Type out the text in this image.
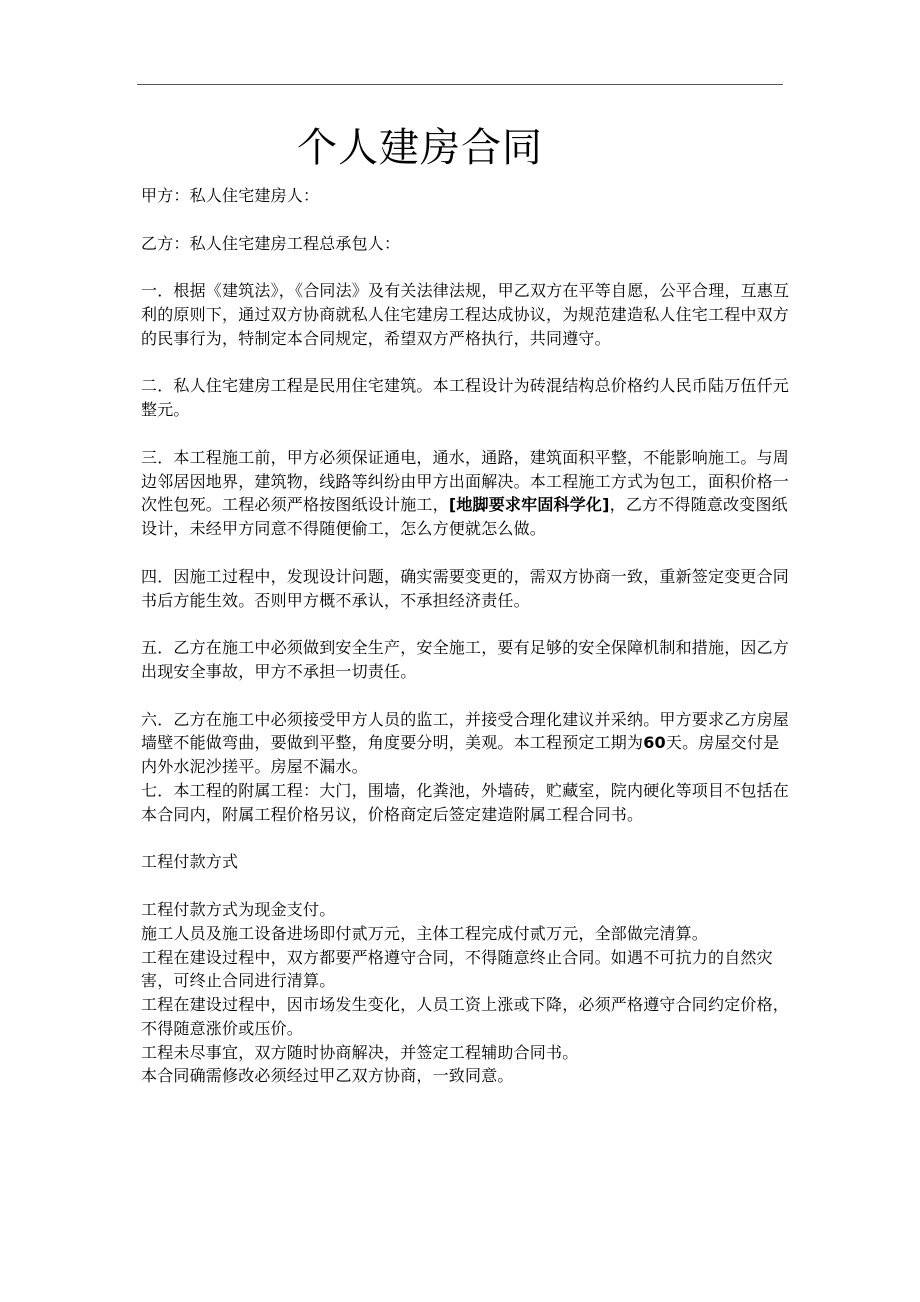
个人建房合同

甲方：私人住宅建房人：

乙方：私人住宅建房工程总承包人：

一．根据《建筑法》，《合同法》及有关法律法规，甲乙双方在平等自愿，公平合理，互惠互利的原则下，通过双方协商就私人住宅建房工程达成协议，为规范建造私人住宅工程中双方的民事行为，特制定本合同规定，希望双方严格执行，共同遵守。

二．私人住宅建房工程是民用住宅建筑。本工程设计为砖混结构总价格约人民币陆万伍仟元整元。

三．本工程施工前，甲方必须保证通电，通水，通路，建筑面积平整，不能影响施工。与周边邻居因地界，建筑物，线路等纠纷由甲方出面解决。本工程施工方式为包工，面积价格一次性包死。工程必须严格按图纸设计施工，[地脚要求牢固科学化]，乙方不得随意改变图纸设计，未经甲方同意不得随便偷工，怎么方便就怎么做。

四．因施工过程中，发现设计问题，确实需要变更的，需双方协商一致，重新签定变更合同书后方能生效。否则甲方概不承认，不承担经济责任。

五．乙方在施工中必须做到安全生产，安全施工，要有足够的安全保障机制和措施，因乙方出现安全事故，甲方不承担一切责任。

六．乙方在施工中必须接受甲方人员的监工，并接受合理化建议并采纳。甲方要求乙方房屋墙壁不能做弯曲，要做到平整，角度要分明，美观。本工程预定工期为60天。房屋交付是内外水泥沙搓平。房屋不漏水。

七．本工程的附属工程：大门，围墙，化粪池，外墙砖，贮藏室，院内硬化等项目不包括在本合同内，附属工程价格另议，价格商定后签定建造附属工程合同书。

工程付款方式

工程付款方式为现金支付。

施工人员及施工设备进场即付贰万元，主体工程完成付贰万元，全部做完清算。

工程在建设过程中，双方都要严格遵守合同，不得随意终止合同。如遇不可抗力的自然灾害，可终止合同进行清算。

工程在建设过程中，因市场发生变化，人员工资上涨或下降，必须严格遵守合同约定价格，不得随意涨价或压价。

工程未尽事宜，双方随时协商解决，并签定工程辅助合同书。

本合同确需修改必须经过甲乙双方协商，一致同意。
